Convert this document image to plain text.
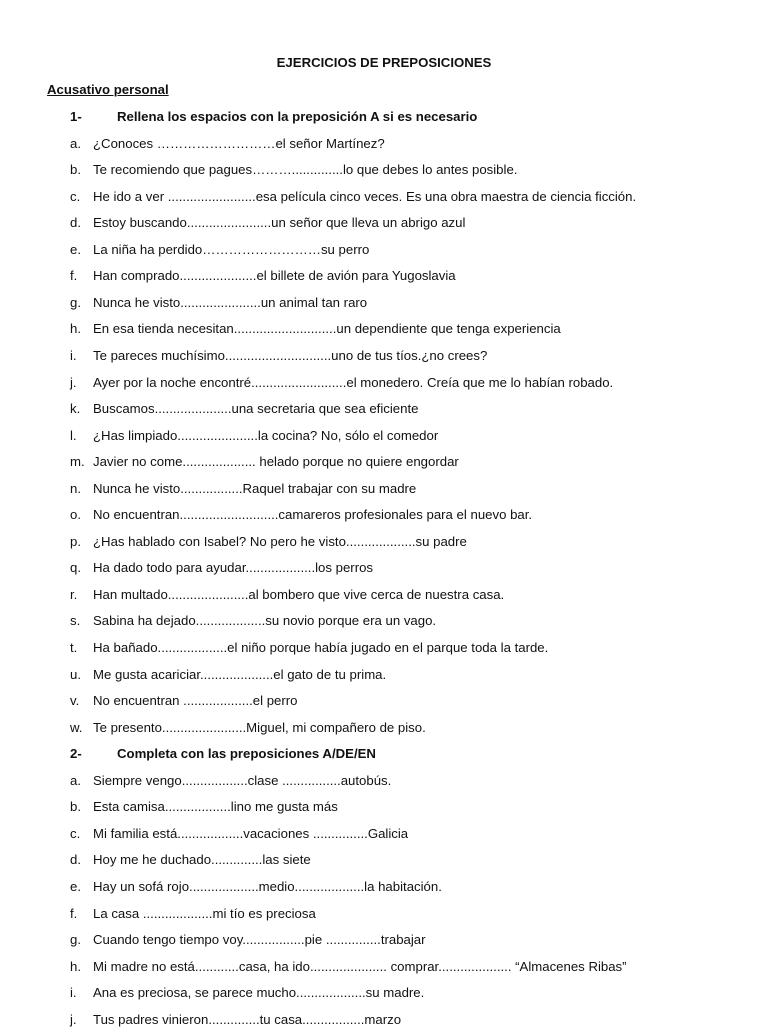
EJERCICIOS DE PREPOSICIONES
Acusativo personal
1-	Rellena los espacios con la preposición A si es necesario
a. ¿Conoces ………………………el señor Martínez?
b. Te recomiendo que pagues………..............lo que debes lo antes posible.
c. He ido a ver ........................esa película cinco veces. Es una obra maestra de ciencia ficción.
d. Estoy buscando.......................un señor que lleva un abrigo azul
e. La niña ha perdido………………………su perro
f. Han comprado.....................el billete de avión para Yugoslavia
g. Nunca he visto......................un animal tan raro
h. En esa tienda necesitan............................un dependiente que tenga experiencia
i. Te pareces muchísimo.............................uno de tus tíos.¿no crees?
j. Ayer por la noche encontré..........................el monedero. Creía que me lo habían robado.
k. Buscamos.....................una secretaria que sea eficiente
l. ¿Has limpiado......................la cocina? No, sólo el comedor
m. Javier no come.................... helado porque no quiere engordar
n. Nunca he visto.................Raquel trabajar con su madre
o. No encuentran...........................camareros profesionales para el nuevo bar.
p. ¿Has hablado con Isabel? No pero he visto...................su padre
q. Ha dado todo para ayudar...................los perros
r. Han multado......................al bombero que vive cerca de nuestra casa.
s. Sabina ha dejado...................su novio porque era un vago.
t. Ha bañado...................el niño porque había jugado en el parque toda la tarde.
u. Me gusta acariciar....................el gato de tu prima.
v. No encuentran ...................el perro
w. Te presento.......................Miguel, mi compañero de piso.
2-	Completa con las preposiciones A/DE/EN
a. Siempre vengo..................clase ................autobús.
b. Esta camisa..................lino me gusta más
c. Mi familia está..................vacaciones ...............Galicia
d. Hoy me he duchado..............las siete
e. Hay un sofá rojo...................medio...................la habitación.
f. La casa ...................mi tío es preciosa
g. Cuando tengo tiempo voy.................pie ...............trabajar
h. Mi madre no está............casa, ha ido..................... comprar.................... “Almacenes Ribas”
i. Ana es preciosa, se parece mucho...................su madre.
j. Tus padres vinieron..............tu casa.................marzo
